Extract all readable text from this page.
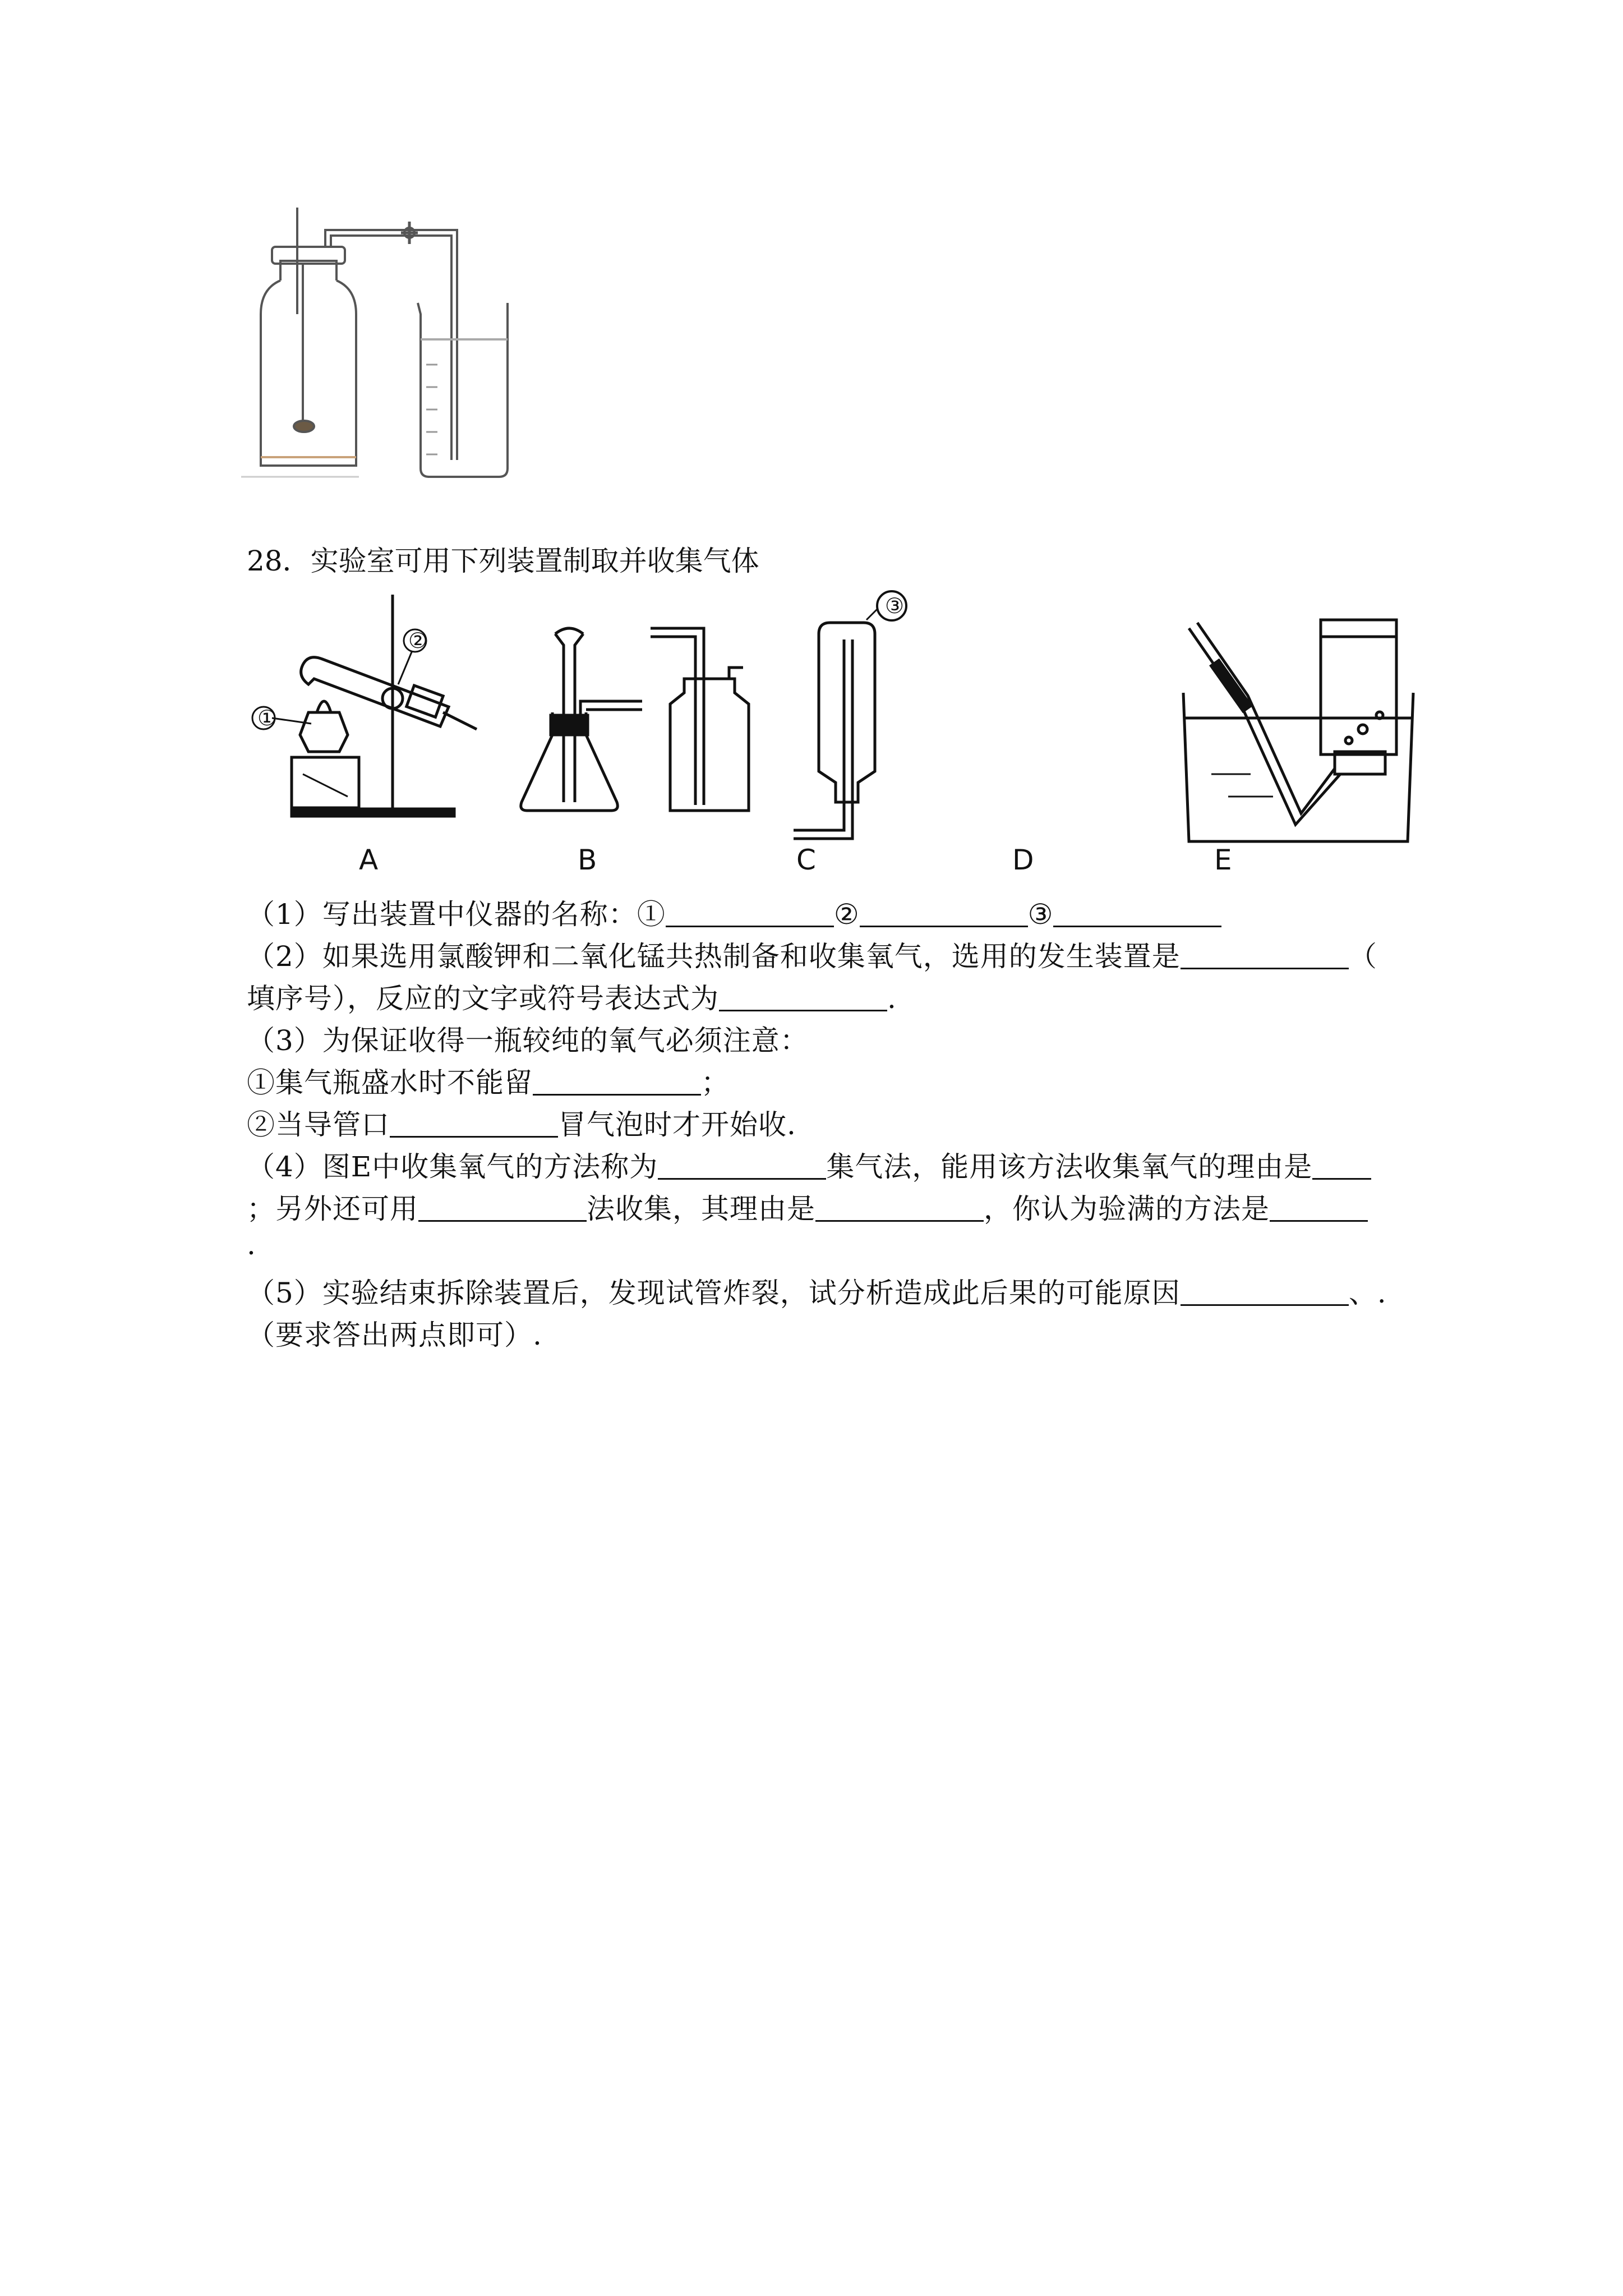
28．实验室可用下列装置制取并收集气体
①
②
③
A	B	C	D	E
（1）写出装置中仪器的名称：①	②	③
（2）如果选用氯酸钾和二氧化锰共热制备和收集氧气，选用的发生装置是	（
填序号），反应的文字或符号表达式为	.
（3）为保证收得一瓶较纯的氧气必须注意：
①集气瓶盛水时不能留	；
②当导管口	冒气泡时才开始收.
（4）图E中收集氧气的方法称为	集气法，能用该方法收集氧气的理由是
；另外还可用	法收集，其理由是	，你认为验满的方法是
.
（5）实验结束拆除装置后，发现试管炸裂，试分析造成此后果的可能原因	、.
（要求答出两点即可）.
